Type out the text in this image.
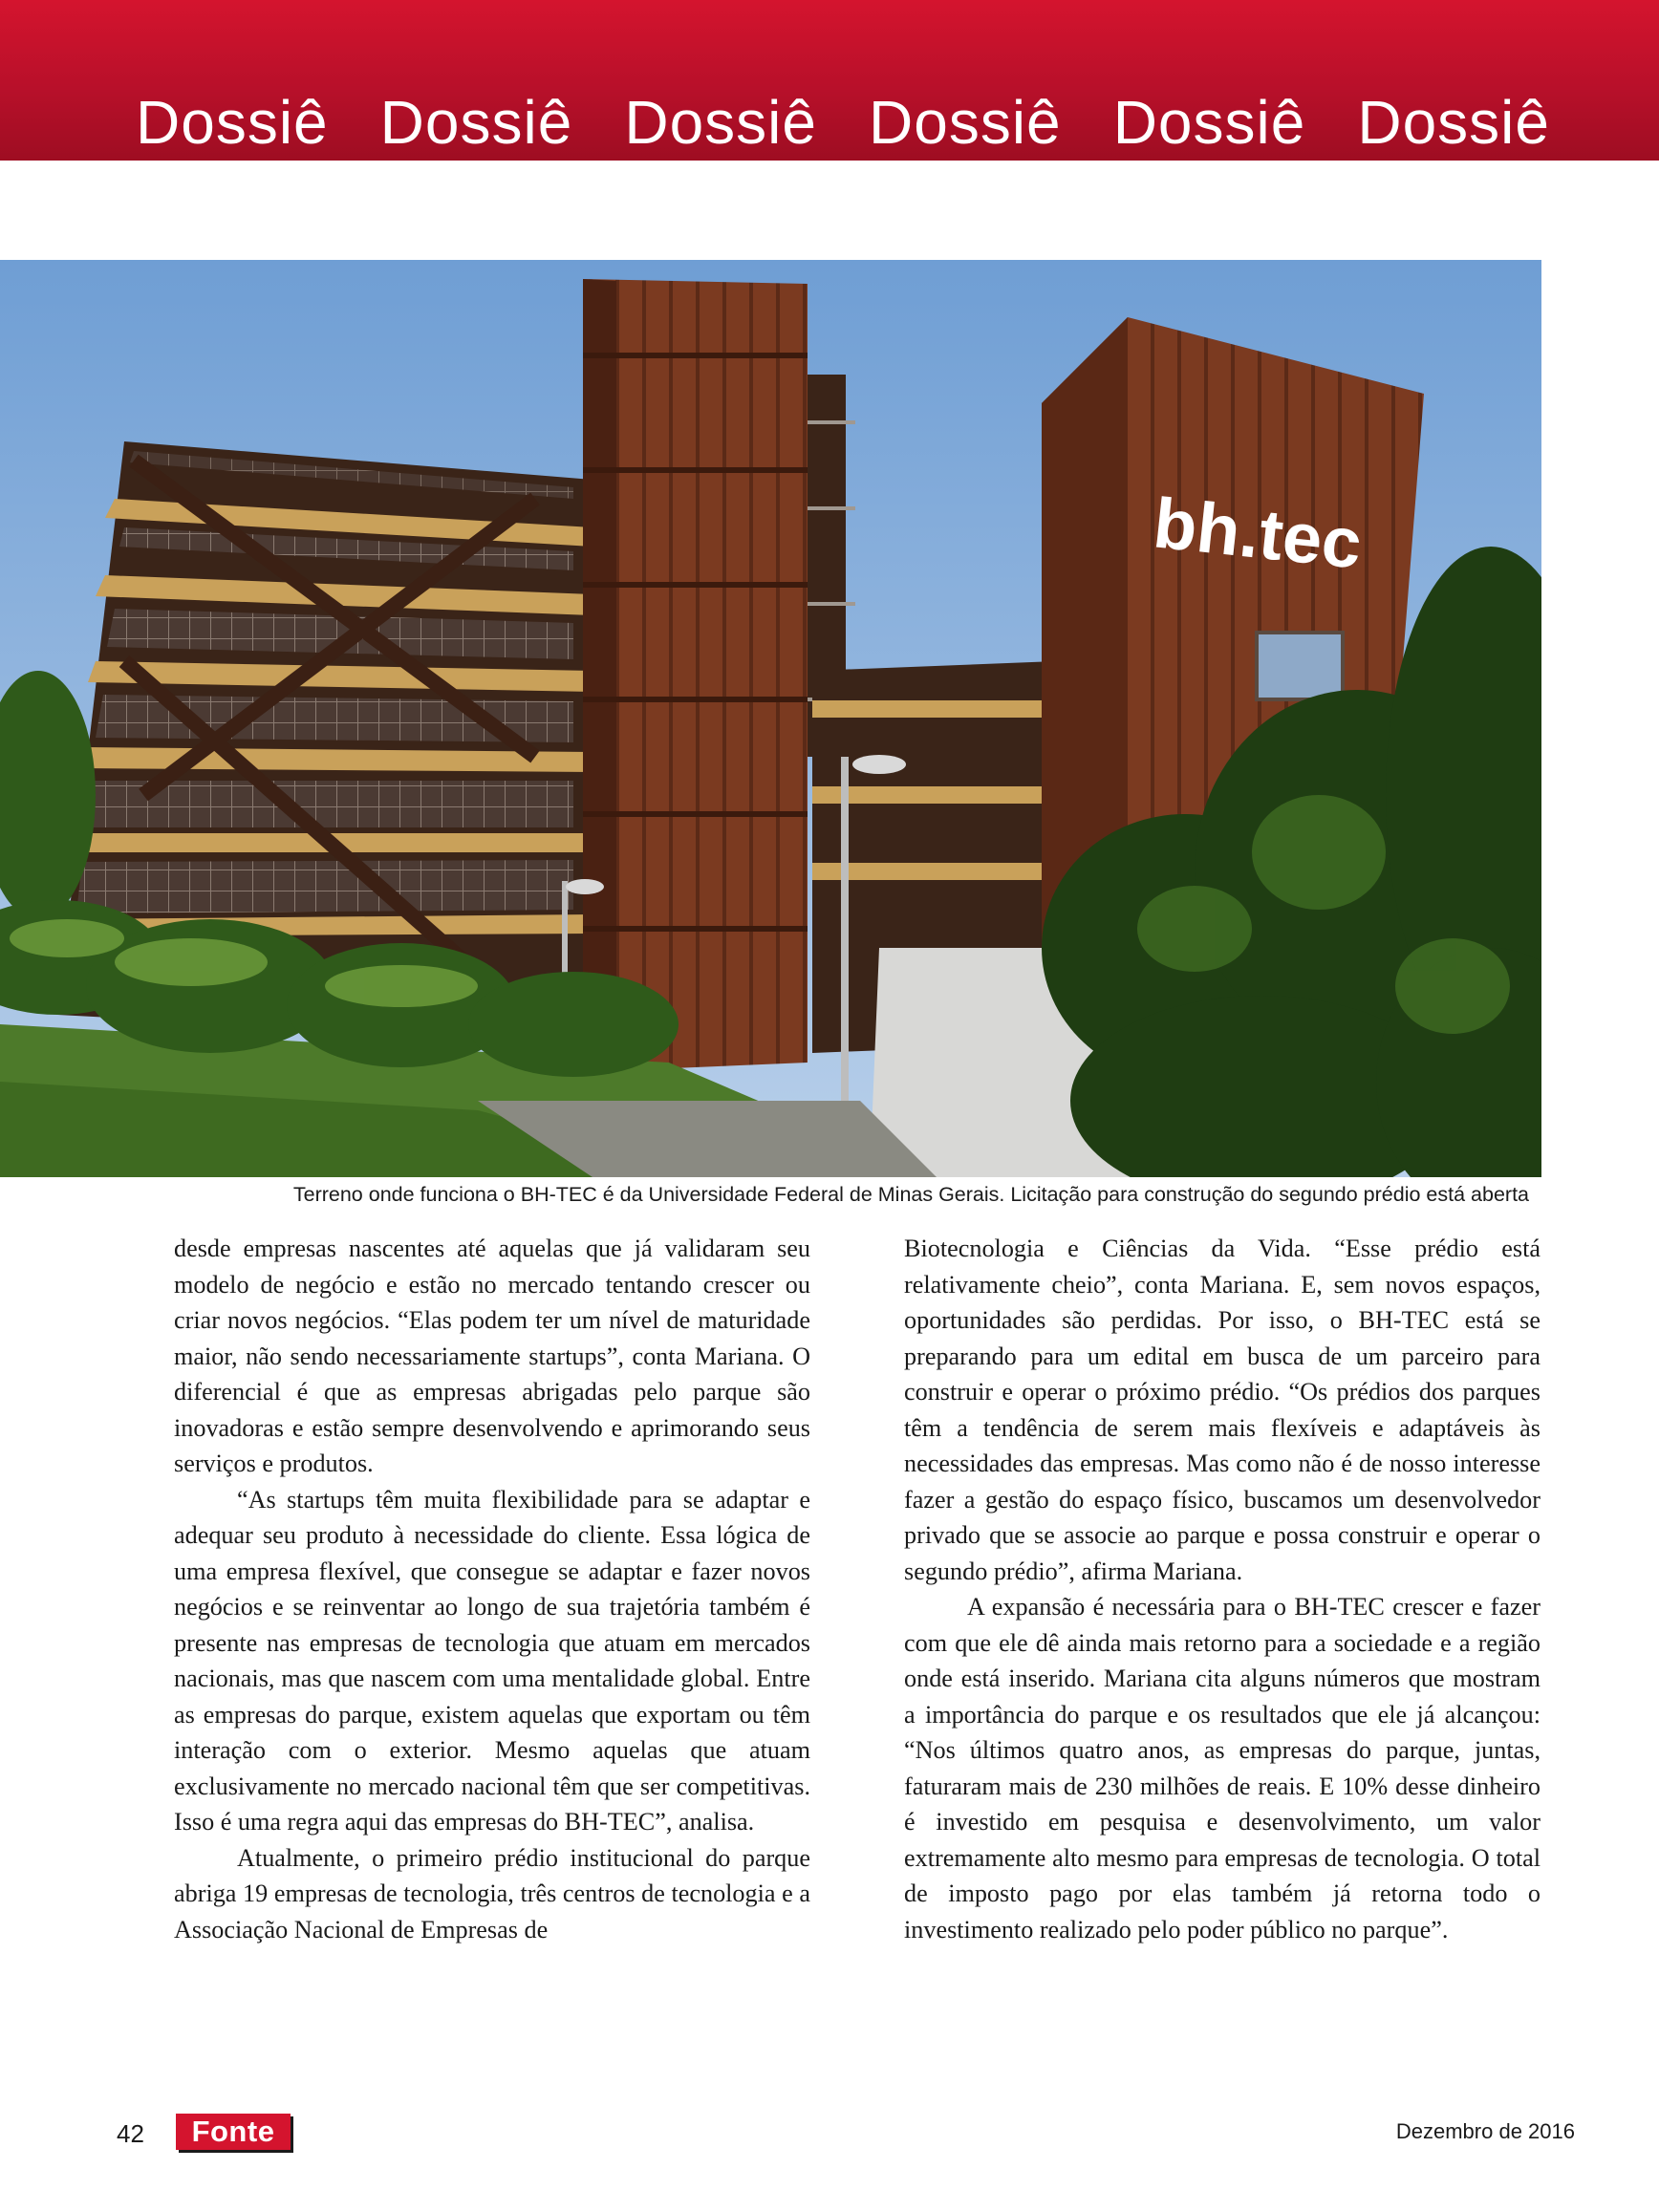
Dossiê Dossiê Dossiê Dossiê Dossiê Dossiê
bh.tec
Terreno onde funciona o BH-TEC é da Universidade Federal de Minas Gerais. Licitação para construção do segundo prédio está aberta

desde empresas nascentes até aquelas que já validaram seu modelo de negócio e estão no mercado tentando crescer ou criar novos negócios. “Elas podem ter um nível de maturidade maior, não sendo necessariamente startups”, conta Mariana. O diferencial é que as empresas abrigadas pelo parque são inovadoras e estão sempre desenvolvendo e aprimorando seus serviços e produtos.

“As startups têm muita flexibilidade para se adaptar e adequar seu produto à necessidade do cliente. Essa lógica de uma empresa flexível, que consegue se adaptar e fazer novos negócios e se reinventar ao longo de sua trajetória também é presente nas empresas de tecnologia que atuam em mercados nacionais, mas que nascem com uma mentalidade global. Entre as empresas do parque, existem aquelas que exportam ou têm interação com o exterior. Mesmo aquelas que atuam exclusivamente no mercado nacional têm que ser competitivas. Isso é uma regra aqui das empresas do BH-TEC”, analisa.

Atualmente, o primeiro prédio institucional do parque abriga 19 empresas de tecnologia, três centros de tecnologia e a Associação Nacional de Empresas de

Biotecnologia e Ciências da Vida. “Esse prédio está relativamente cheio”, conta Mariana. E, sem novos espaços, oportunidades são perdidas. Por isso, o BH-TEC está se preparando para um edital em busca de um parceiro para construir e operar o próximo prédio. “Os prédios dos parques têm a tendência de serem mais flexíveis e adaptáveis às necessidades das empresas. Mas como não é de nosso interesse fazer a gestão do espaço físico, buscamos um desenvolvedor privado que se associe ao parque e possa construir e operar o segundo prédio”, afirma Mariana.

A expansão é necessária para o BH-TEC crescer e fazer com que ele dê ainda mais retorno para a sociedade e a região onde está inserido. Mariana cita alguns números que mostram a importância do parque e os resultados que ele já alcançou: “Nos últimos quatro anos, as empresas do parque, juntas, faturaram mais de 230 milhões de reais. E 10% desse dinheiro é investido em pesquisa e desenvolvimento, um valor extremamente alto mesmo para empresas de tecnologia. O total de imposto pago por elas também já retorna todo o investimento realizado pelo poder público no parque”.

42	Fonte	Dezembro de 2016
